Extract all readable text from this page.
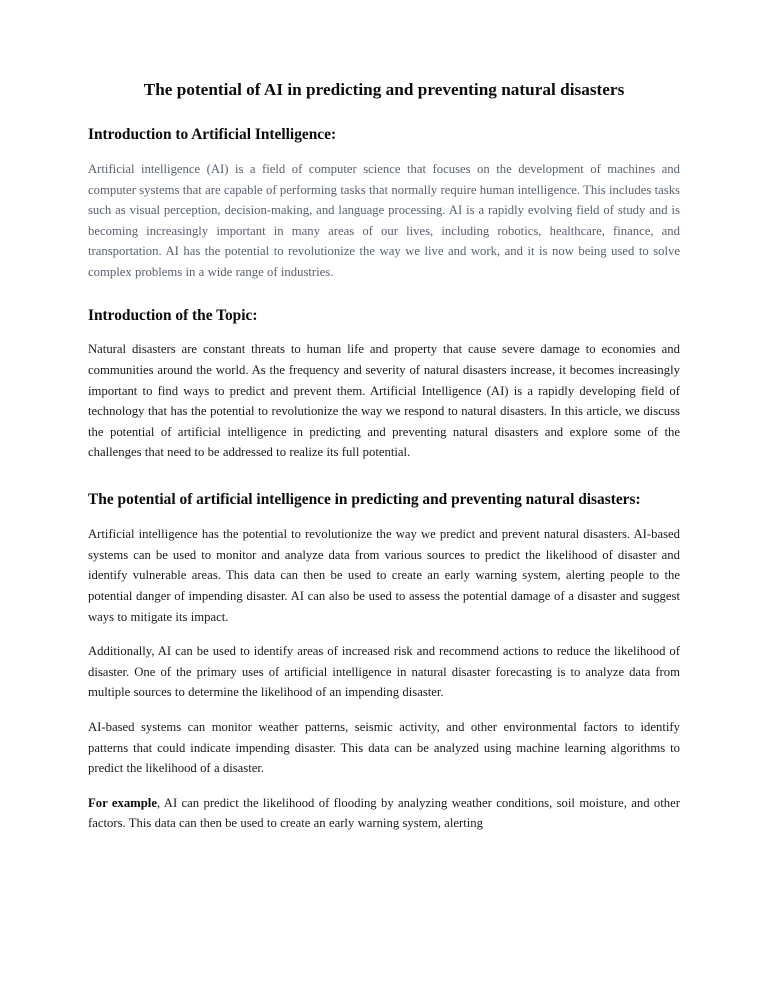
The potential of AI in predicting and preventing natural disasters
Introduction to Artificial Intelligence:

Artificial intelligence (AI) is a field of computer science that focuses on the development of machines and computer systems that are capable of performing tasks that normally require human intelligence. This includes tasks such as visual perception, decision-making, and language processing. AI is a rapidly evolving field of study and is becoming increasingly important in many areas of our lives, including robotics, healthcare, finance, and transportation. AI has the potential to revolutionize the way we live and work, and it is now being used to solve complex problems in a wide range of industries.

Introduction of the Topic:

Natural disasters are constant threats to human life and property that cause severe damage to economies and communities around the world. As the frequency and severity of natural disasters increase, it becomes increasingly important to find ways to predict and prevent them. Artificial Intelligence (AI) is a rapidly developing field of technology that has the potential to revolutionize the way we respond to natural disasters. In this article, we discuss the potential of artificial intelligence in predicting and preventing natural disasters and explore some of the challenges that need to be addressed to realize its full potential.

The potential of artificial intelligence in predicting and preventing natural disasters:

Artificial intelligence has the potential to revolutionize the way we predict and prevent natural disasters. AI-based systems can be used to monitor and analyze data from various sources to predict the likelihood of disaster and identify vulnerable areas. This data can then be used to create an early warning system, alerting people to the potential danger of impending disaster. AI can also be used to assess the potential damage of a disaster and suggest ways to mitigate its impact.

Additionally, AI can be used to identify areas of increased risk and recommend actions to reduce the likelihood of disaster. One of the primary uses of artificial intelligence in natural disaster forecasting is to analyze data from multiple sources to determine the likelihood of an impending disaster.

AI-based systems can monitor weather patterns, seismic activity, and other environmental factors to identify patterns that could indicate impending disaster. This data can be analyzed using machine learning algorithms to predict the likelihood of a disaster.

For example, AI can predict the likelihood of flooding by analyzing weather conditions, soil moisture, and other factors. This data can then be used to create an early warning system, alerting
